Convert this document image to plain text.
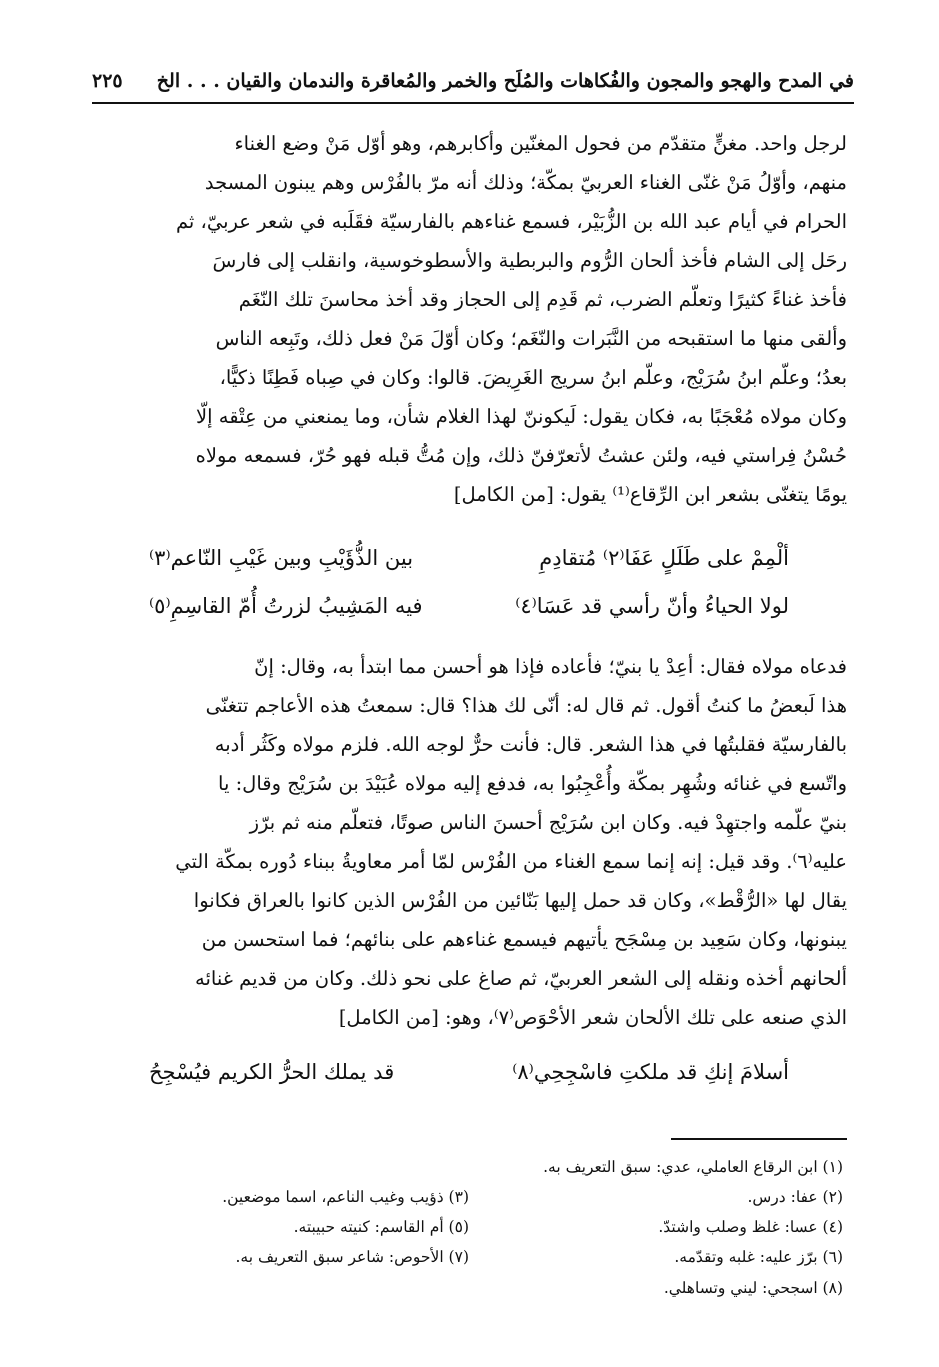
في المدح والهجو والمجون والفُكاهات والمُلَح والخمر والمُعاقرة والندمان والقيان . . . الخ
٢٢٥
لرجل واحد. مغنٍّ متقدّم من فحول المغنّين وأكابرهم، وهو أوّل مَنْ وضع الغناء
منهم، وأوّلُ مَنْ غنّى الغناء العربيّ بمكّة؛ وذلك أنه مرّ بالفُرْس وهم يبنون المسجد
الحرام في أيام عبد الله بن الزُّبَيْر، فسمع غناءهم بالفارسيّة فقَلَبه في شعر عربيّ، ثم
رحَل إلى الشام فأخذ ألحان الرُّوم والبربطية والأسطوخوسية، وانقلب إلى فارسَ
فأخذ غناءً كثيرًا وتعلّم الضرب، ثم قَدِم إلى الحجاز وقد أخذ محاسنَ تلك النّغَم
وألقى منها ما استقبحه من النَّبَرات والنّغَم؛ وكان أوّلَ مَنْ فعل ذلك، وتَبِعه الناس
بعدُ؛ وعلّم ابنُ سُرَيْج، وعلّم ابنُ سريج الغَرِيضَ. قالوا: وكان في صِباه فَطِنًا ذكيًّا،
وكان مولاه مُعْجَبًا به، فكان يقول: لَيكوننّ لهذا الغلام شأن، وما يمنعني من عِتْقه إلّا
حُسْنُ فِراستي فيه، ولئن عشتُ لأتعرّفنّ ذلك، وإن مُتُّ قبله فهو حُرّ، فسمعه مولاه
يومًا يتغنّى بشعر ابن الرِّقاع⁽¹⁾ يقول: [من الكامل]
ألْمِمْ على طَلَلٍ عَفَا⁽٢⁾ مُتقادِمِ
بين الذُّؤَيْبِ وبين غَيْبِ النّاعم⁽٣⁾
لولا الحياءُ وأنّ رأسي قد عَسَا⁽٤⁾
فيه المَشِيبُ لزرتُ أُمّ القاسِمِ⁽٥⁾
فدعاه مولاه فقال: أعِدْ يا بنيّ؛ فأعاده فإذا هو أحسن مما ابتدأ به، وقال: إنّ
هذا لَبعضُ ما كنتُ أقول. ثم قال له: أنّى لك هذا؟ قال: سمعتُ هذه الأعاجم تتغنّى
بالفارسيّة فقلبتُها في هذا الشعر. قال: فأنت حرٌّ لوجه الله. فلزم مولاه وكَثُر أدبه
واتّسع في غنائه وشُهِر بمكّة وأُعْجِبُوا به، فدفع إليه مولاه عُبَيْدَ بن سُرَيْج وقال: يا
بنيّ علّمه واجتهِدْ فيه. وكان ابن سُرَيْج أحسنَ الناس صوتًا، فتعلّم منه ثم برّز
عليه⁽٦⁾. وقد قيل: إنه إنما سمع الغناء من الفُرْس لمّا أمر معاويةُ ببناء دُوره بمكّة التي
يقال لها «الرُّقْط»، وكان قد حمل إليها بَنّائين من الفُرْس الذين كانوا بالعراق فكانوا
يبنونها، وكان سَعِيد بن مِسْجَح يأتيهم فيسمع غناءهم على بنائهم؛ فما استحسن من
ألحانهم أخذه ونقله إلى الشعر العربيّ، ثم صاغ على نحو ذلك. وكان من قديم غنائه
الذي صنعه على تلك الألحان شعر الأحْوَص⁽٧⁾، وهو: [من الكامل]
أسلامَ إنكِ قد ملكتِ فاسْجِحِي⁽٨⁾
قد يملك الحرُّ الكريم فيُسْجِحُ
(١) ابن الرقاع العاملي، عدي: سبق التعريف به.
(٢) عفا: درس.
(٣) ذؤيب وغيب الناعم، اسما موضعين.
(٤) عسا: غلظ وصلب واشتدّ.
(٥) أم القاسم: كنيته حبيبته.
(٦) برّز عليه: غلبه وتقدّمه.
(٧) الأحوص: شاعر سبق التعريف به.
(٨) اسجحي: ليني وتساهلي.
